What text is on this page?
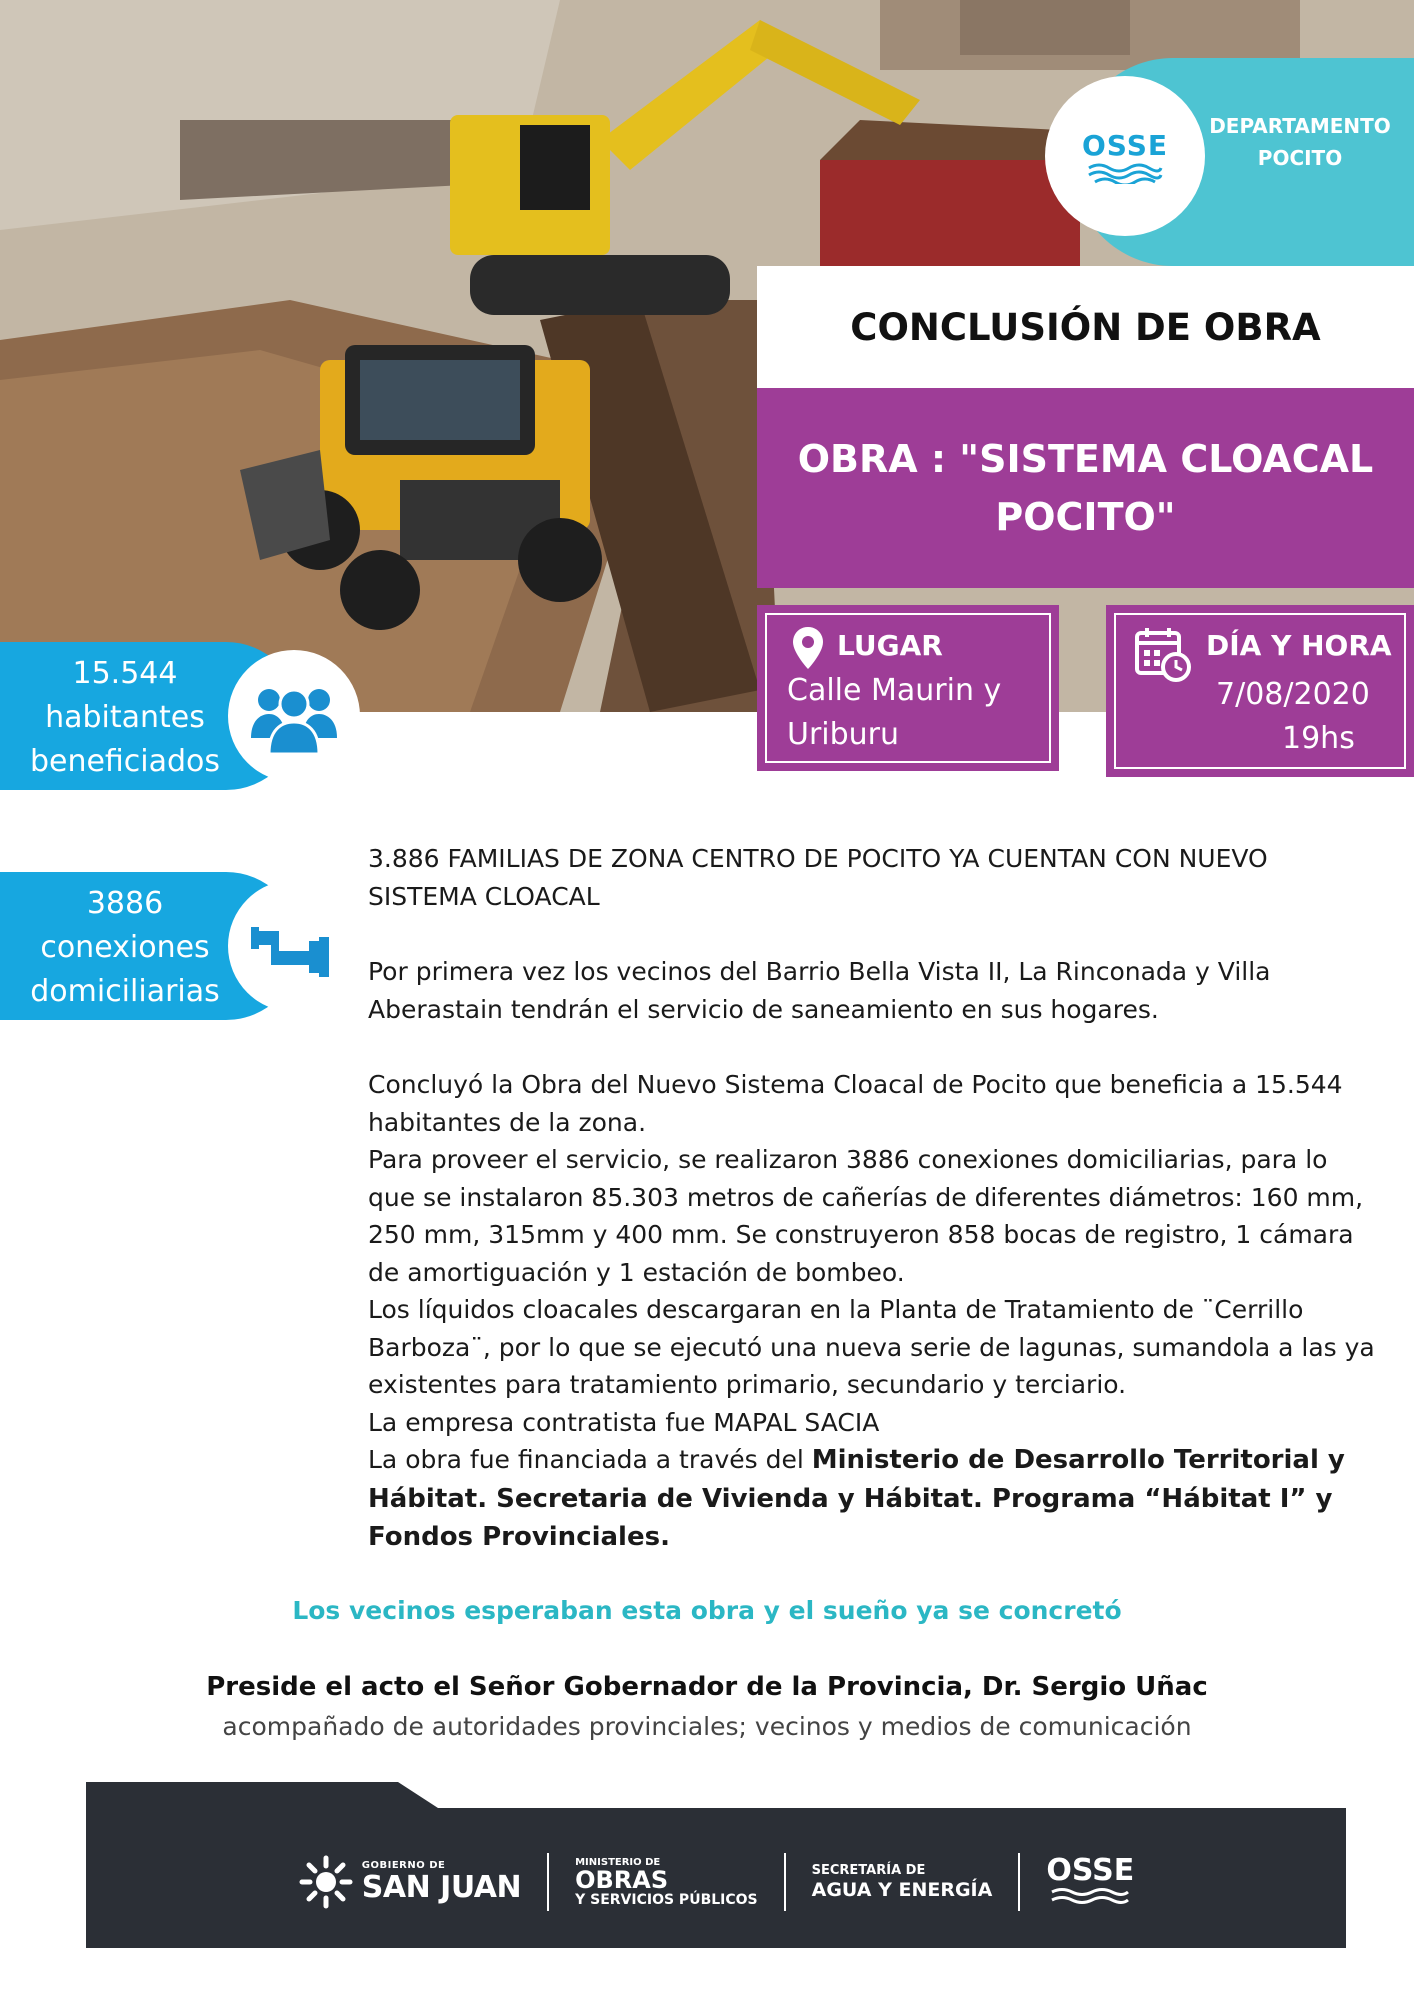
OSSE
DEPARTAMENTO
POCITO
CONCLUSIÓN DE OBRA
OBRA : "SISTEMA CLOACAL POCITO"
LUGAR
Calle Maurin y
Uriburu
DÍA Y HORA
7/08/2020
19hs
15.544
habitantes
beneficiados
3886
conexiones
domiciliarias

3.886 FAMILIAS DE ZONA CENTRO DE POCITO YA CUENTAN CON NUEVO SISTEMA CLOACAL

Por primera vez los vecinos del Barrio Bella Vista II, La Rinconada y Villa Aberastain tendrán el servicio de saneamiento en sus hogares.

Concluyó la Obra del Nuevo Sistema Cloacal de Pocito que beneficia a 15.544 habitantes de la zona.

Para proveer el servicio, se realizaron 3886 conexiones domiciliarias, para lo que se instalaron 85.303 metros de cañerías de diferentes diámetros: 160 mm, 250 mm, 315mm y 400 mm. Se construyeron 858 bocas de registro, 1 cámara de amortiguación y 1 estación de bombeo.

Los líquidos cloacales descargaran en la Planta de Tratamiento de ¨Cerrillo Barboza¨, por lo que se ejecutó una nueva serie de lagunas, sumandola a las ya existentes para tratamiento primario, secundario y terciario.

La empresa contratista fue MAPAL SACIA

La obra fue financiada a través del Ministerio de Desarrollo Territorial y Hábitat. Secretaria de Vivienda y Hábitat. Programa “Hábitat I” y Fondos Provinciales.

Los vecinos esperaban esta obra y el sueño ya se concretó
Preside el acto el Señor Gobernador de la Provincia, Dr. Sergio Uñac
acompañado de autoridades provinciales; vecinos y medios de comunicación
GOBIERNO DE
SAN JUAN
MINISTERIO DE
OBRAS
Y SERVICIOS PÚBLICOS
SECRETARÍA DE
AGUA Y ENERGÍA
OSSE
